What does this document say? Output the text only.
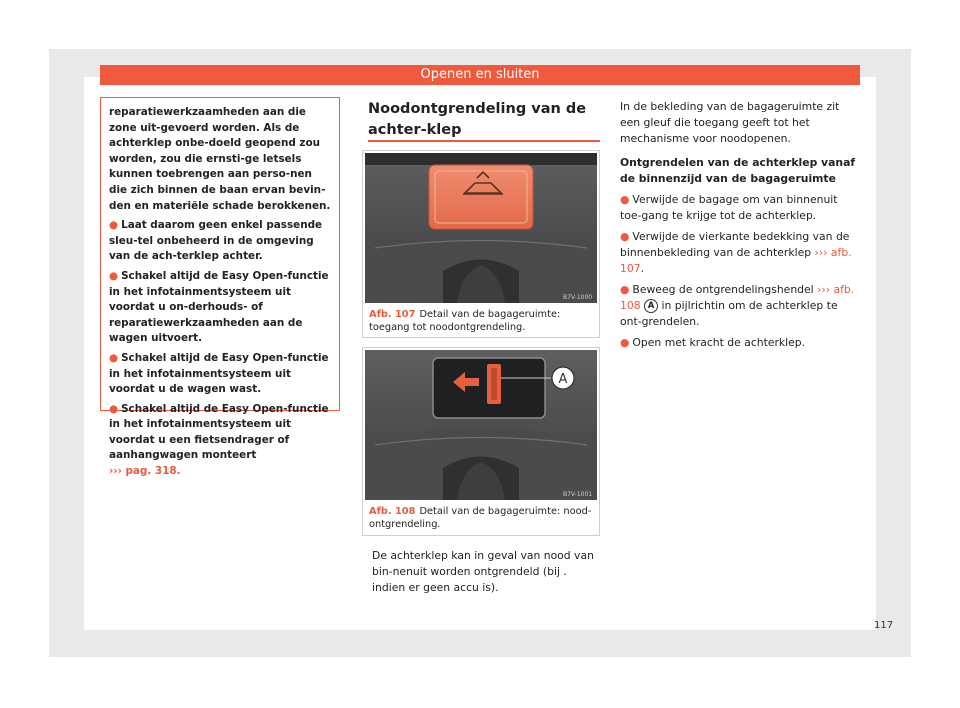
Openen en sluiten

reparatiewerkzaamheden aan die zone uit-gevoerd worden. Als de achterklep onbe-doeld geopend zou worden, zou die ernsti-ge letsels kunnen toebrengen aan perso-nen die zich binnen de baan ervan bevin-den en materiële schade berokkenen.

● Laat daarom geen enkel passende sleu-tel onbeheerd in de omgeving van de ach-terklep achter.
● Schakel altijd de Easy Open-functie in het infotainmentsysteem uit voordat u on-derhouds- of reparatiewerkzaamheden aan de wagen uitvoert.
● Schakel altijd de Easy Open-functie in het infotainmentsysteem uit voordat u de wagen wast.
● Schakel altijd de Easy Open-functie in het infotainmentsysteem uit voordat u een fietsendrager of aanhangwagen monteert
››› pag. 318.
Noodontgrendeling van de achter-klep
B7V-1000
Afb. 107 Detail van de bagageruimte: toegang tot noodontgrendeling.
A
B7V-1001
Afb. 108 Detail van de bagageruimte: nood-ontgrendeling.

De achterklep kan in geval van nood van bin-nenuit worden ontgrendeld (bij . indien er geen accu is).

In de bekleding van de bagageruimte zit een gleuf die toegang geeft tot het mechanisme voor noodopenen.

Ontgrendelen van de achterklep vanaf de binnenzijd van de bagageruimte

● Verwijde de bagage om van binnenuit toe-gang te krijge tot de achterklep.
● Verwijde de vierkante bedekking van de binnenbekleding van de achterklep ››› afb. 107.
● Beweeg de ontgrendelingshendel ››› afb. 108 A in pijlrichtin om de achterklep te ont-grendelen.
● Open met kracht de achterklep.
117
